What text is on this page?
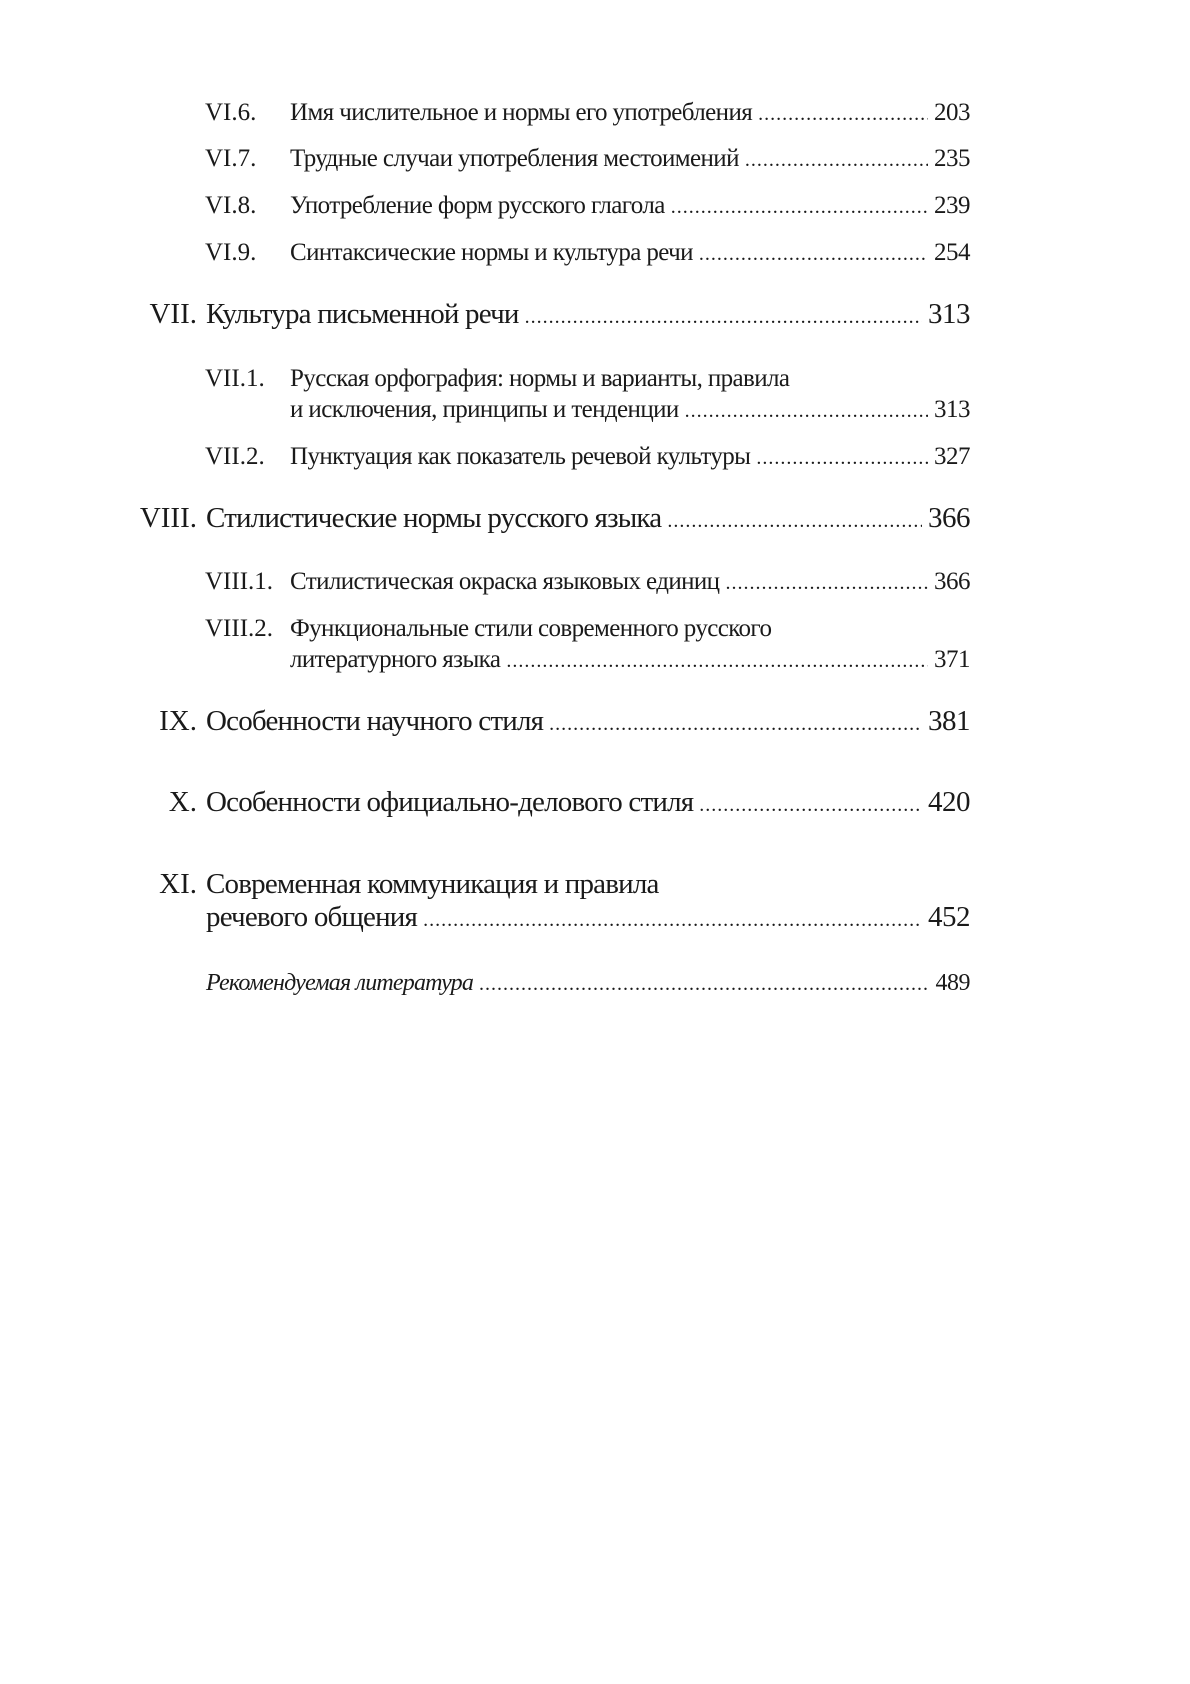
VI.6. Имя числительное и нормы его употребления .....	203
VI.7. Трудные случаи употребления местоимений .....	235
VI.8. Употребление форм русского глагола .....	239
VI.9. Синтаксические нормы и культура речи .....	254
VII. Культура письменной речи .....	313
VII.1. Русская орфография: нормы и варианты, правила
и исключения, принципы и тенденции .....	313
VII.2. Пунктуация как показатель речевой культуры .....	327
VIII. Стилистические нормы русского языка .....	366
VIII.1. Стилистическая окраска языковых единиц .....	366
VIII.2. Функциональные стили современного русского
литературного языка .....	371
IX. Особенности научного стиля .....	381
X. Особенности официально-делового стиля .....	420
XI. Современная коммуникация и правила
речевого общения .....	452
Рекомендуемая литература .....	489
